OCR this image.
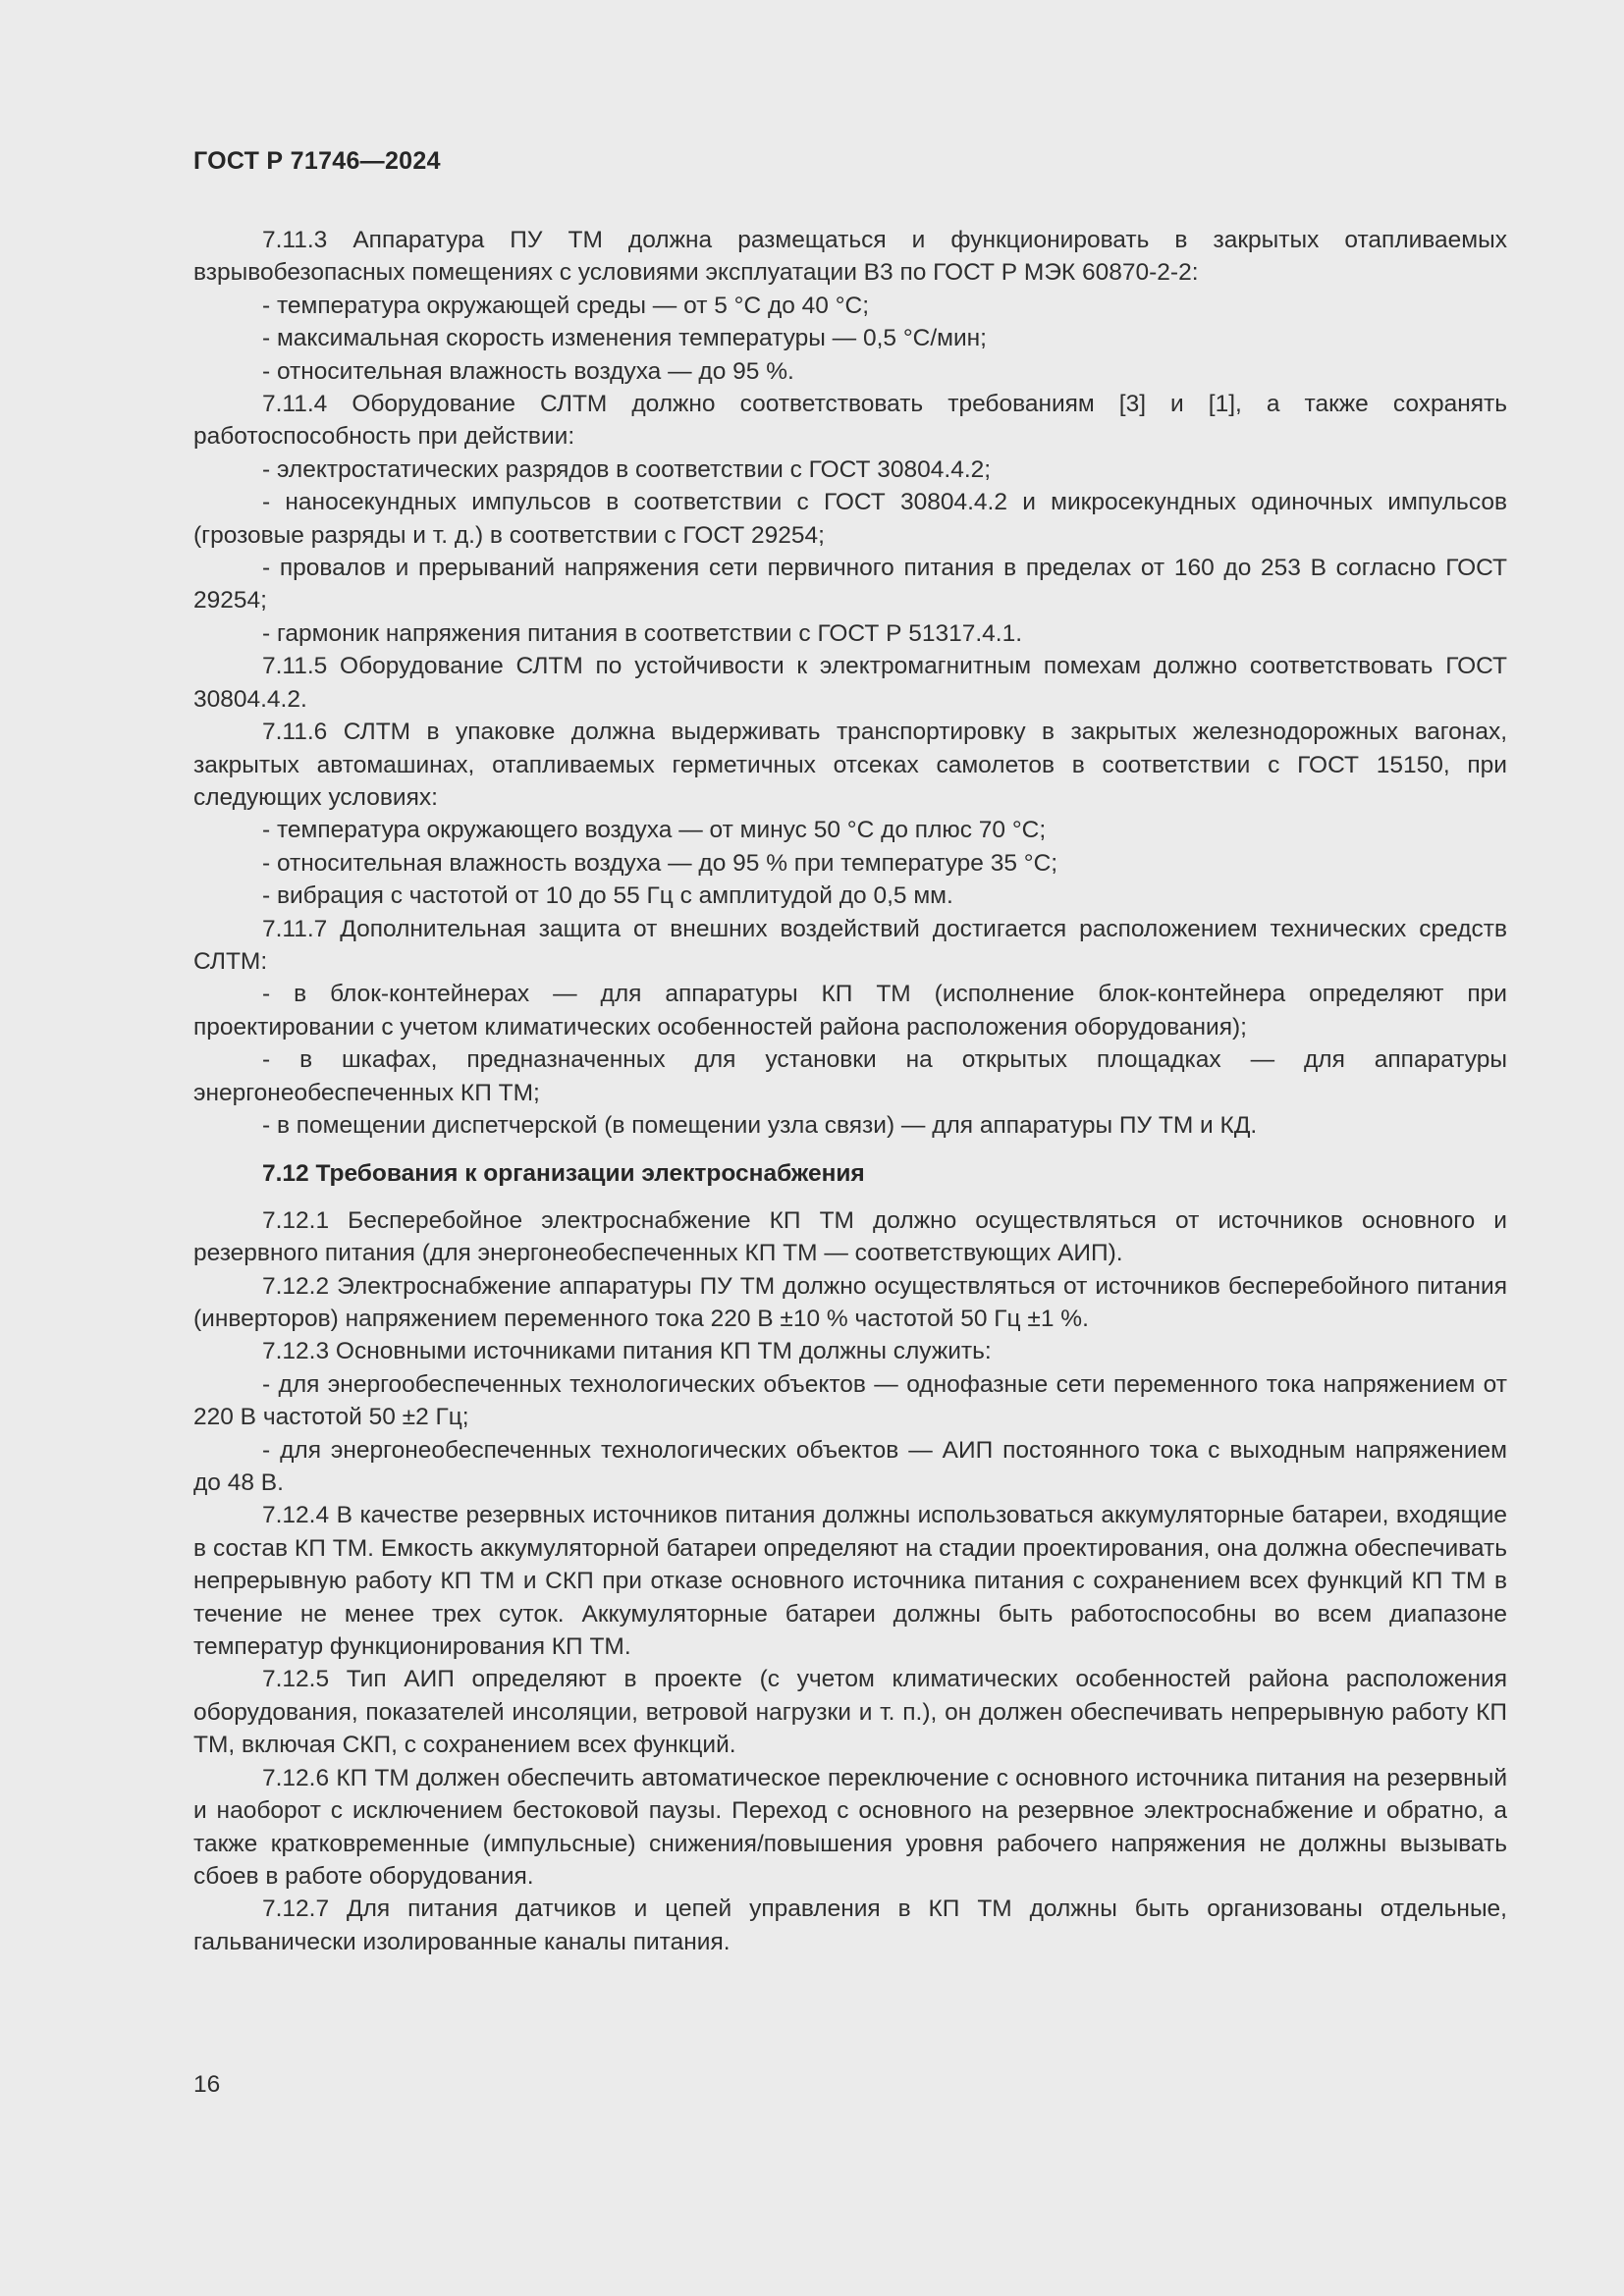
ГОСТ Р 71746—2024

7.11.3 Аппаратура ПУ ТМ должна размещаться и функционировать в закрытых отапливаемых взрывобезопасных помещениях с условиями эксплуатации В3 по ГОСТ Р МЭК 60870-2-2:

- температура окружающей среды — от 5 °С до 40 °С;

- максимальная скорость изменения температуры — 0,5 °С/мин;

- относительная влажность воздуха — до 95 %.

7.11.4 Оборудование СЛТМ должно соответствовать требованиям [3] и [1], а также сохранять работоспособность при действии:

- электростатических разрядов в соответствии с ГОСТ 30804.4.2;

- наносекундных импульсов в соответствии с ГОСТ 30804.4.2 и микросекундных одиночных импульсов (грозовые разряды и т. д.) в соответствии с ГОСТ 29254;

- провалов и прерываний напряжения сети первичного питания в пределах от 160 до 253 В согласно ГОСТ 29254;

- гармоник напряжения питания в соответствии с ГОСТ Р 51317.4.1.

7.11.5 Оборудование СЛТМ по устойчивости к электромагнитным помехам должно соответствовать ГОСТ 30804.4.2.

7.11.6 СЛТМ в упаковке должна выдерживать транспортировку в закрытых железнодорожных вагонах, закрытых автомашинах, отапливаемых герметичных отсеках самолетов в соответствии с ГОСТ 15150, при следующих условиях:

- температура окружающего воздуха — от минус 50 °С до плюс 70 °С;

- относительная влажность воздуха — до 95 % при температуре 35 °С;

- вибрация с частотой от 10 до 55 Гц с амплитудой до 0,5 мм.

7.11.7 Дополнительная защита от внешних воздействий достигается расположением технических средств СЛТМ:

- в блок-контейнерах — для аппаратуры КП ТМ (исполнение блок-контейнера определяют при проектировании с учетом климатических особенностей района расположения оборудования);

- в шкафах, предназначенных для установки на открытых площадках — для аппаратуры энергонеобеспеченных КП ТМ;

- в помещении диспетчерской (в помещении узла связи) — для аппаратуры ПУ ТМ и КД.

7.12 Требования к организации электроснабжения

7.12.1 Бесперебойное электроснабжение КП ТМ должно осуществляться от источников основного и резервного питания (для энергонеобеспеченных КП ТМ — соответствующих АИП).

7.12.2 Электроснабжение аппаратуры ПУ ТМ должно осуществляться от источников бесперебойного питания (инверторов) напряжением переменного тока 220 В ±10 % частотой 50 Гц ±1 %.

7.12.3 Основными источниками питания КП ТМ должны служить:

- для энергообеспеченных технологических объектов — однофазные сети переменного тока напряжением от 220 В частотой 50 ±2 Гц;

- для энергонеобеспеченных технологических объектов — АИП постоянного тока с выходным напряжением до 48 В.

7.12.4 В качестве резервных источников питания должны использоваться аккумуляторные батареи, входящие в состав КП ТМ. Емкость аккумуляторной батареи определяют на стадии проектирования, она должна обеспечивать непрерывную работу КП ТМ и СКП при отказе основного источника питания с сохранением всех функций КП ТМ в течение не менее трех суток. Аккумуляторные батареи должны быть работоспособны во всем диапазоне температур функционирования КП ТМ.

7.12.5 Тип АИП определяют в проекте (с учетом климатических особенностей района расположения оборудования, показателей инсоляции, ветровой нагрузки и т. п.), он должен обеспечивать непрерывную работу КП ТМ, включая СКП, с сохранением всех функций.

7.12.6 КП ТМ должен обеспечить автоматическое переключение с основного источника питания на резервный и наоборот с исключением бестоковой паузы. Переход с основного на резервное электроснабжение и обратно, а также кратковременные (импульсные) снижения/повышения уровня рабочего напряжения не должны вызывать сбоев в работе оборудования.

7.12.7 Для питания датчиков и цепей управления в КП ТМ должны быть организованы отдельные, гальванически изолированные каналы питания.

16
